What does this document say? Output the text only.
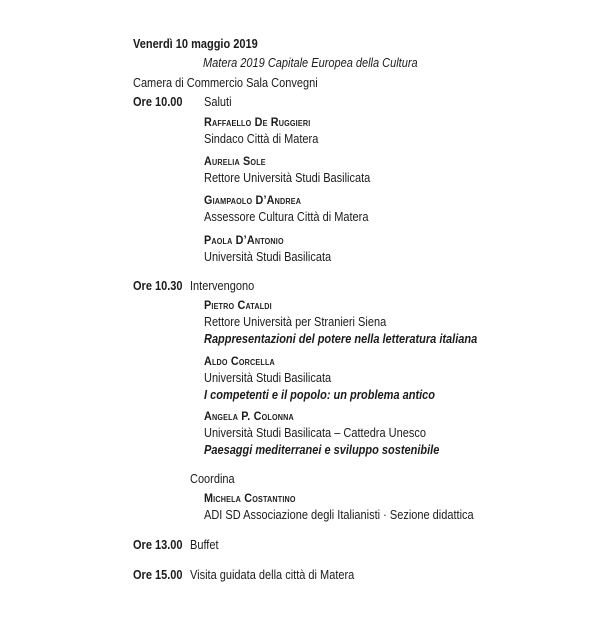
Venerdì 10 maggio 2019
Matera 2019 Capitale Europea della Cultura
Camera di Commercio Sala Convegni
Ore 10.00 Saluti
Raffaello De Ruggieri
Sindaco Città di Matera
Aurelia Sole
Rettore Università Studi Basilicata
Giampaolo D’Andrea
Assessore Cultura Città di Matera
Paola D’Antonio
Università Studi Basilicata
Ore 10.30 Intervengono
Pietro Cataldi
Rettore Università per Stranieri Siena
Rappresentazioni del potere nella letteratura italiana
Aldo Corcella
Università Studi Basilicata
I competenti e il popolo: un problema antico
Angela P. Colonna
Università Studi Basilicata – Cattedra Unesco
Paesaggi mediterranei e sviluppo sostenibile
Coordina
Michela Costantino
ADI SD Associazione degli Italianisti · Sezione didattica
Ore 13.00 Buffet
Ore 15.00 Visita guidata della città di Matera
